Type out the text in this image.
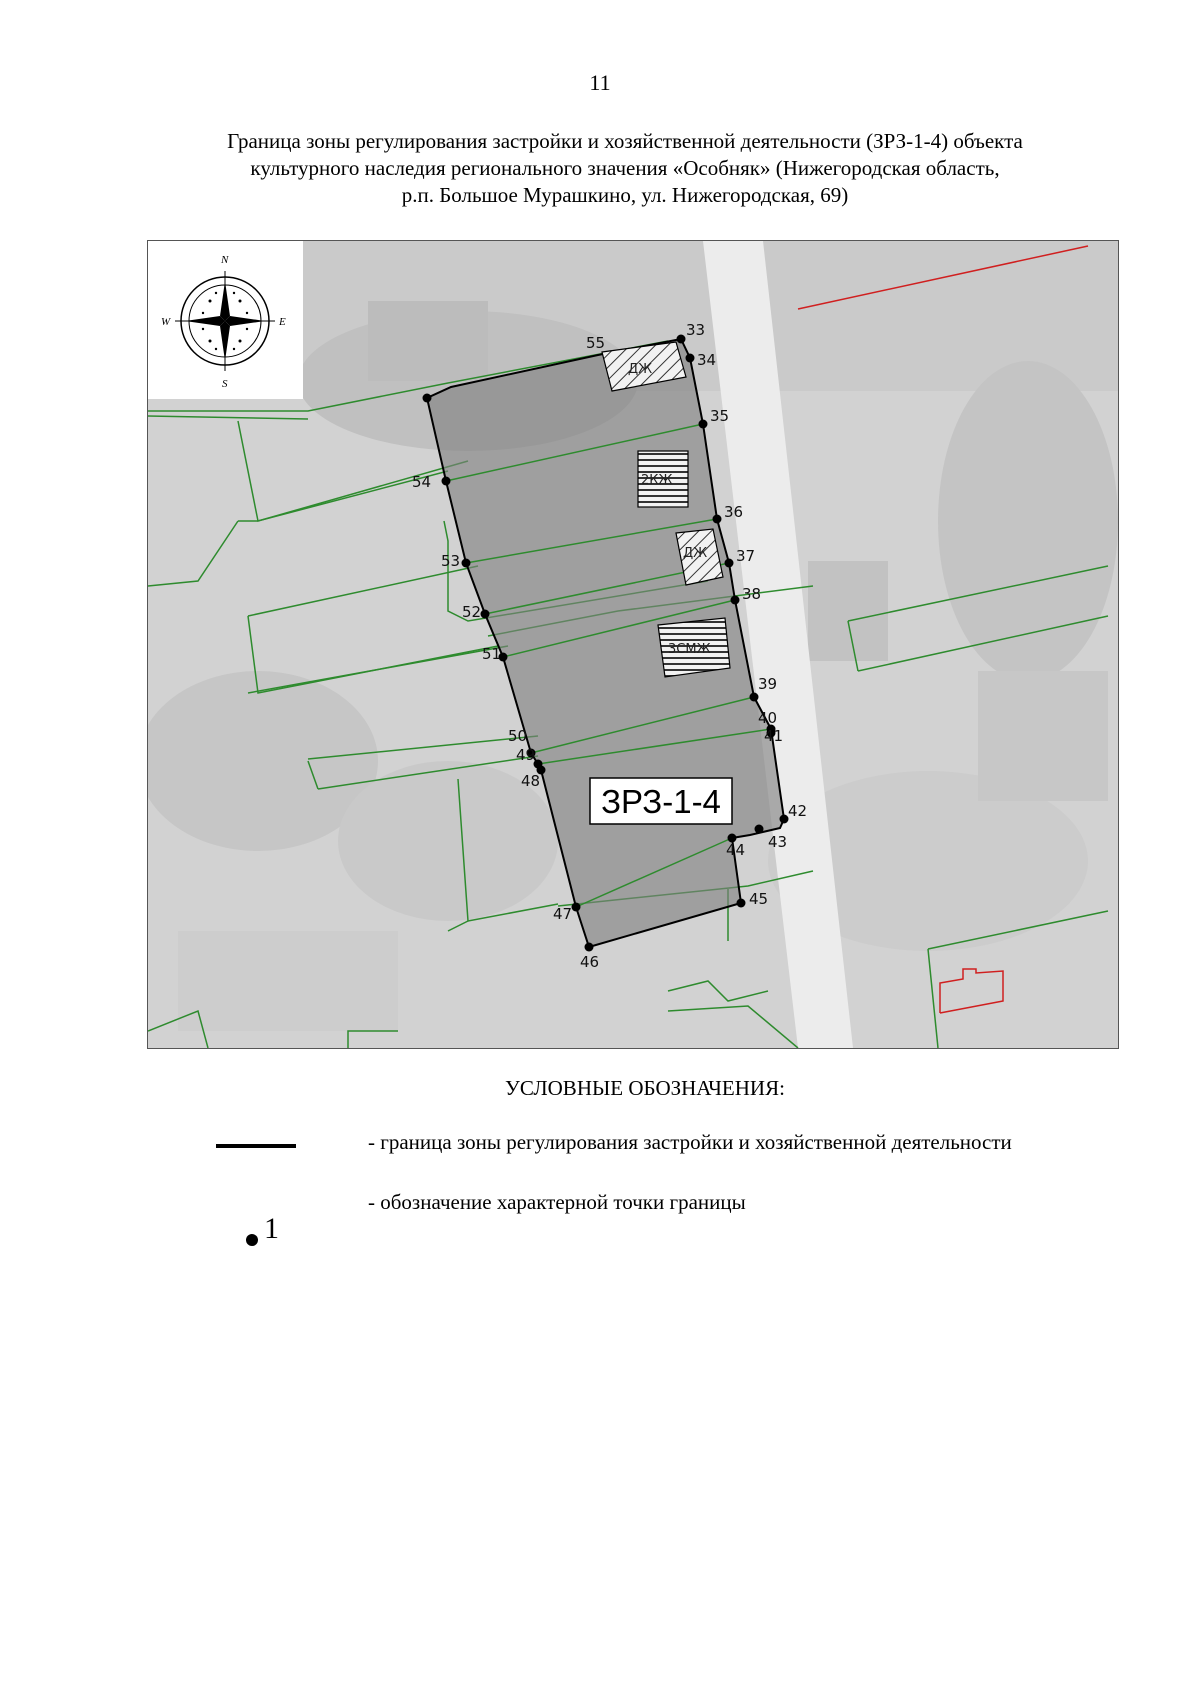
11
Граница зоны регулирования застройки и хозяйственной деятельности (ЗРЗ-1-4) объекта
культурного наследия регионального значения «Особняк» (Нижегородская область,
р.п. Большое Мурашкино, ул. Нижегородская, 69)
ДЖ
2КЖ
ДЖ
3СМЖ
ЗРЗ-1-4
33
34
35
36
37
38
39
40
41
42
43
44
45
46
47
48
49
50
51
52
53
54
55
N
S
E
W
УСЛОВНЫЕ ОБОЗНАЧЕНИЯ:
- граница зоны регулирования застройки и хозяйственной деятельности
1
- обозначение характерной точки границы
